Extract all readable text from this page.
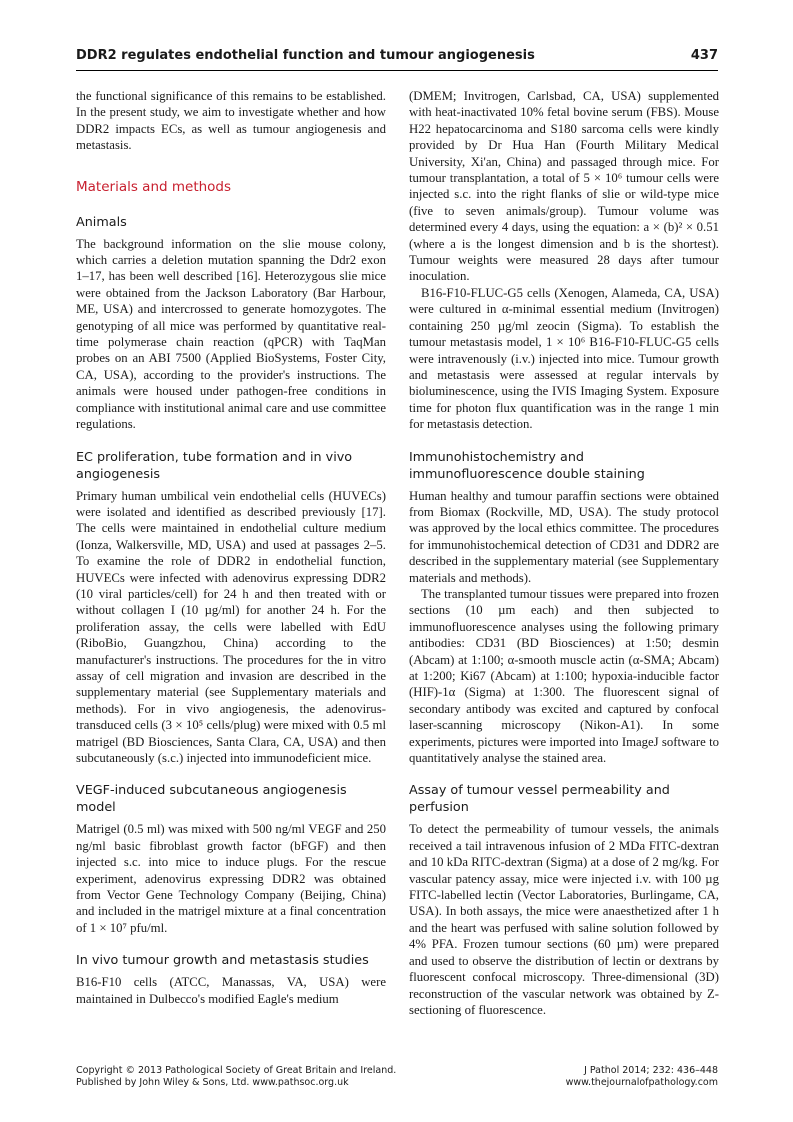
DDR2 regulates endothelial function and tumour angiogenesis	437

the functional significance of this remains to be established. In the present study, we aim to investigate whether and how DDR2 impacts ECs, as well as tumour angiogenesis and metastasis.

Materials and methods
Animals

The background information on the slie mouse colony, which carries a deletion mutation spanning the Ddr2 exon 1–17, has been well described [16]. Heterozygous slie mice were obtained from the Jackson Laboratory (Bar Harbour, ME, USA) and intercrossed to generate homozygotes. The genotyping of all mice was performed by quantitative real-time polymerase chain reaction (qPCR) with TaqMan probes on an ABI 7500 (Applied BioSystems, Foster City, CA, USA), according to the provider's instructions. The animals were housed under pathogen-free conditions in compliance with institutional animal care and use committee regulations.

EC proliferation, tube formation and in vivo angiogenesis

Primary human umbilical vein endothelial cells (HUVECs) were isolated and identified as described previously [17]. The cells were maintained in endothelial culture medium (Ionza, Walkersville, MD, USA) and used at passages 2–5. To examine the role of DDR2 in endothelial function, HUVECs were infected with adenovirus expressing DDR2 (10 viral particles/cell) for 24 h and then treated with or without collagen I (10 µg/ml) for another 24 h. For the proliferation assay, the cells were labelled with EdU (RiboBio, Guangzhou, China) according to the manufacturer's instructions. The procedures for the in vitro assay of cell migration and invasion are described in the supplementary material (see Supplementary materials and methods). For in vivo angiogenesis, the adenovirus-transduced cells (3 × 10⁵ cells/plug) were mixed with 0.5 ml matrigel (BD Biosciences, Santa Clara, CA, USA) and then subcutaneously (s.c.) injected into immunodeficient mice.

VEGF-induced subcutaneous angiogenesis model

Matrigel (0.5 ml) was mixed with 500 ng/ml VEGF and 250 ng/ml basic fibroblast growth factor (bFGF) and then injected s.c. into mice to induce plugs. For the rescue experiment, adenovirus expressing DDR2 was obtained from Vector Gene Technology Company (Beijing, China) and included in the matrigel mixture at a final concentration of 1 × 10⁷ pfu/ml.

In vivo tumour growth and metastasis studies

B16-F10 cells (ATCC, Manassas, VA, USA) were maintained in Dulbecco's modified Eagle's medium

(DMEM; Invitrogen, Carlsbad, CA, USA) supplemented with heat-inactivated 10% fetal bovine serum (FBS). Mouse H22 hepatocarcinoma and S180 sarcoma cells were kindly provided by Dr Hua Han (Fourth Military Medical University, Xi'an, China) and passaged through mice. For tumour transplantation, a total of 5 × 10⁶ tumour cells were injected s.c. into the right flanks of slie or wild-type mice (five to seven animals/group). Tumour volume was determined every 4 days, using the equation: a × (b)² × 0.51 (where a is the longest dimension and b is the shortest). Tumour weights were measured 28 days after tumour inoculation.

B16-F10-FLUC-G5 cells (Xenogen, Alameda, CA, USA) were cultured in α-minimal essential medium (Invitrogen) containing 250 µg/ml zeocin (Sigma). To establish the tumour metastasis model, 1 × 10⁶ B16-F10-FLUC-G5 cells were intravenously (i.v.) injected into mice. Tumour growth and metastasis were assessed at regular intervals by bioluminescence, using the IVIS Imaging System. Exposure time for photon flux quantification was in the range 1 min for metastasis detection.

Immunohistochemistry and immunofluorescence double staining

Human healthy and tumour paraffin sections were obtained from Biomax (Rockville, MD, USA). The study protocol was approved by the local ethics committee. The procedures for immunohistochemical detection of CD31 and DDR2 are described in the supplementary material (see Supplementary materials and methods).

The transplanted tumour tissues were prepared into frozen sections (10 µm each) and then subjected to immunofluorescence analyses using the following primary antibodies: CD31 (BD Biosciences) at 1:50; desmin (Abcam) at 1:100; α-smooth muscle actin (α-SMA; Abcam) at 1:200; Ki67 (Abcam) at 1:100; hypoxia-inducible factor (HIF)-1α (Sigma) at 1:300. The fluorescent signal of secondary antibody was excited and captured by confocal laser-scanning microscopy (Nikon-A1). In some experiments, pictures were imported into ImageJ software to quantitatively analyse the stained area.

Assay of tumour vessel permeability and perfusion

To detect the permeability of tumour vessels, the animals received a tail intravenous infusion of 2 MDa FITC-dextran and 10 kDa RITC-dextran (Sigma) at a dose of 2 mg/kg. For vascular patency assay, mice were injected i.v. with 100 µg FITC-labelled lectin (Vector Laboratories, Burlingame, CA, USA). In both assays, the mice were anaesthetized after 1 h and the heart was perfused with saline solution followed by 4% PFA. Frozen tumour sections (60 µm) were prepared and used to observe the distribution of lectin or dextrans by fluorescent confocal microscopy. Three-dimensional (3D) reconstruction of the vascular network was obtained by Z-sectioning of fluorescence.

Copyright © 2013 Pathological Society of Great Britain and Ireland.
Published by John Wiley & Sons, Ltd. www.pathsoc.org.uk
J Pathol 2014; 232: 436–448
www.thejournalofpathology.com
